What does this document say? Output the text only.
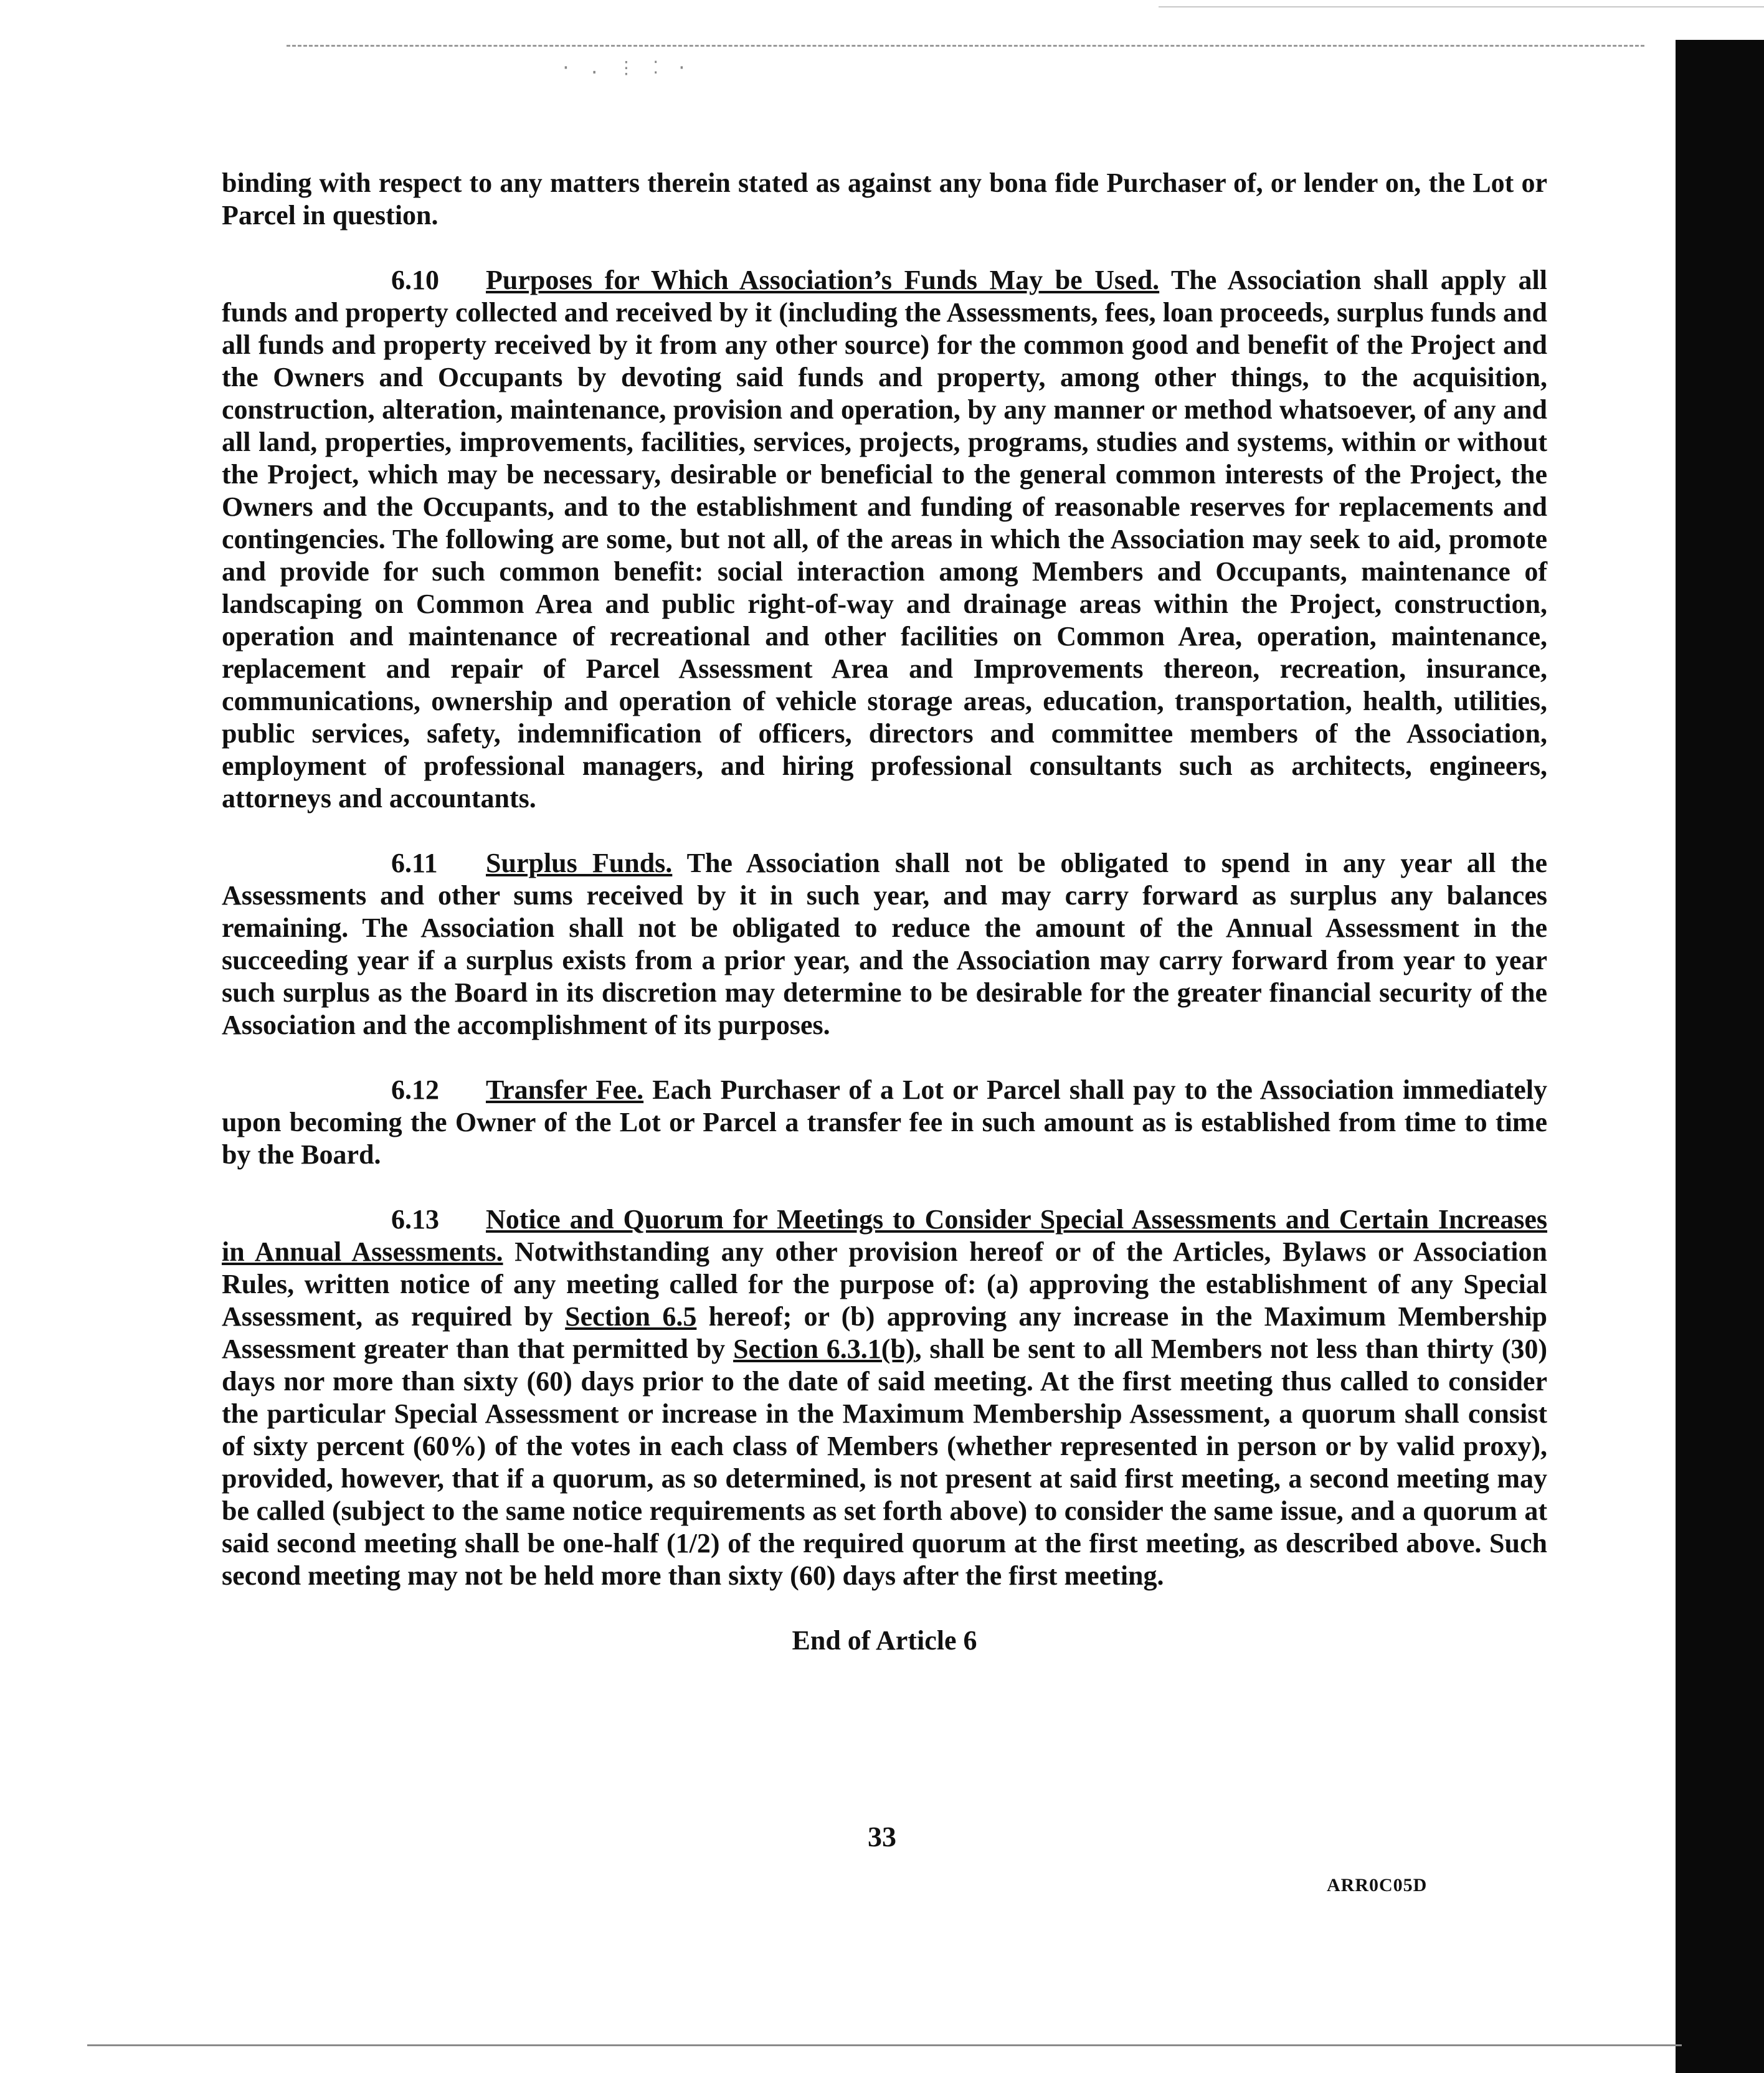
· . ⋮ ⁚ ·

binding with respect to any matters therein stated as against any bona fide Purchaser of, or lender on, the Lot or Parcel in question.

6.10 Purposes for Which Association’s Funds May be Used. The Association shall apply all funds and property collected and received by it (including the Assessments, fees, loan proceeds, surplus funds and all funds and property received by it from any other source) for the common good and benefit of the Project and the Owners and Occupants by devoting said funds and property, among other things, to the acquisition, construction, alteration, maintenance, provision and operation, by any manner or method whatsoever, of any and all land, properties, improvements, facilities, services, projects, programs, studies and systems, within or without the Project, which may be necessary, desirable or beneficial to the general common interests of the Project, the Owners and the Occupants, and to the establishment and funding of reasonable reserves for replacements and contingencies. The following are some, but not all, of the areas in which the Association may seek to aid, promote and provide for such common benefit: social interaction among Members and Occupants, maintenance of landscaping on Common Area and public right-of-way and drainage areas within the Project, construction, operation and maintenance of recreational and other facilities on Common Area, operation, maintenance, replacement and repair of Parcel Assessment Area and Improvements thereon, recreation, insurance, communications, ownership and operation of vehicle storage areas, education, transportation, health, utilities, public services, safety, indemnification of officers, directors and committee members of the Association, employment of professional managers, and hiring professional consultants such as architects, engineers, attorneys and accountants.

6.11 Surplus Funds. The Association shall not be obligated to spend in any year all the Assessments and other sums received by it in such year, and may carry forward as surplus any balances remaining. The Association shall not be obligated to reduce the amount of the Annual Assessment in the succeeding year if a surplus exists from a prior year, and the Association may carry forward from year to year such surplus as the Board in its discretion may determine to be desirable for the greater financial security of the Association and the accomplishment of its purposes.

6.12 Transfer Fee. Each Purchaser of a Lot or Parcel shall pay to the Association immediately upon becoming the Owner of the Lot or Parcel a transfer fee in such amount as is established from time to time by the Board.

6.13 Notice and Quorum for Meetings to Consider Special Assessments and Certain Increases in Annual Assessments. Notwithstanding any other provision hereof or of the Articles, Bylaws or Association Rules, written notice of any meeting called for the purpose of: (a) approving the establishment of any Special Assessment, as required by Section 6.5 hereof; or (b) approving any increase in the Maximum Membership Assessment greater than that permitted by Section 6.3.1(b), shall be sent to all Members not less than thirty (30) days nor more than sixty (60) days prior to the date of said meeting. At the first meeting thus called to consider the particular Special Assessment or increase in the Maximum Membership Assessment, a quorum shall consist of sixty percent (60%) of the votes in each class of Members (whether represented in person or by valid proxy), provided, however, that if a quorum, as so determined, is not present at said first meeting, a second meeting may be called (subject to the same notice requirements as set forth above) to consider the same issue, and a quorum at said second meeting shall be one-half (1/2) of the required quorum at the first meeting, as described above. Such second meeting may not be held more than sixty (60) days after the first meeting.

End of Article 6

33
ARR0C05D
